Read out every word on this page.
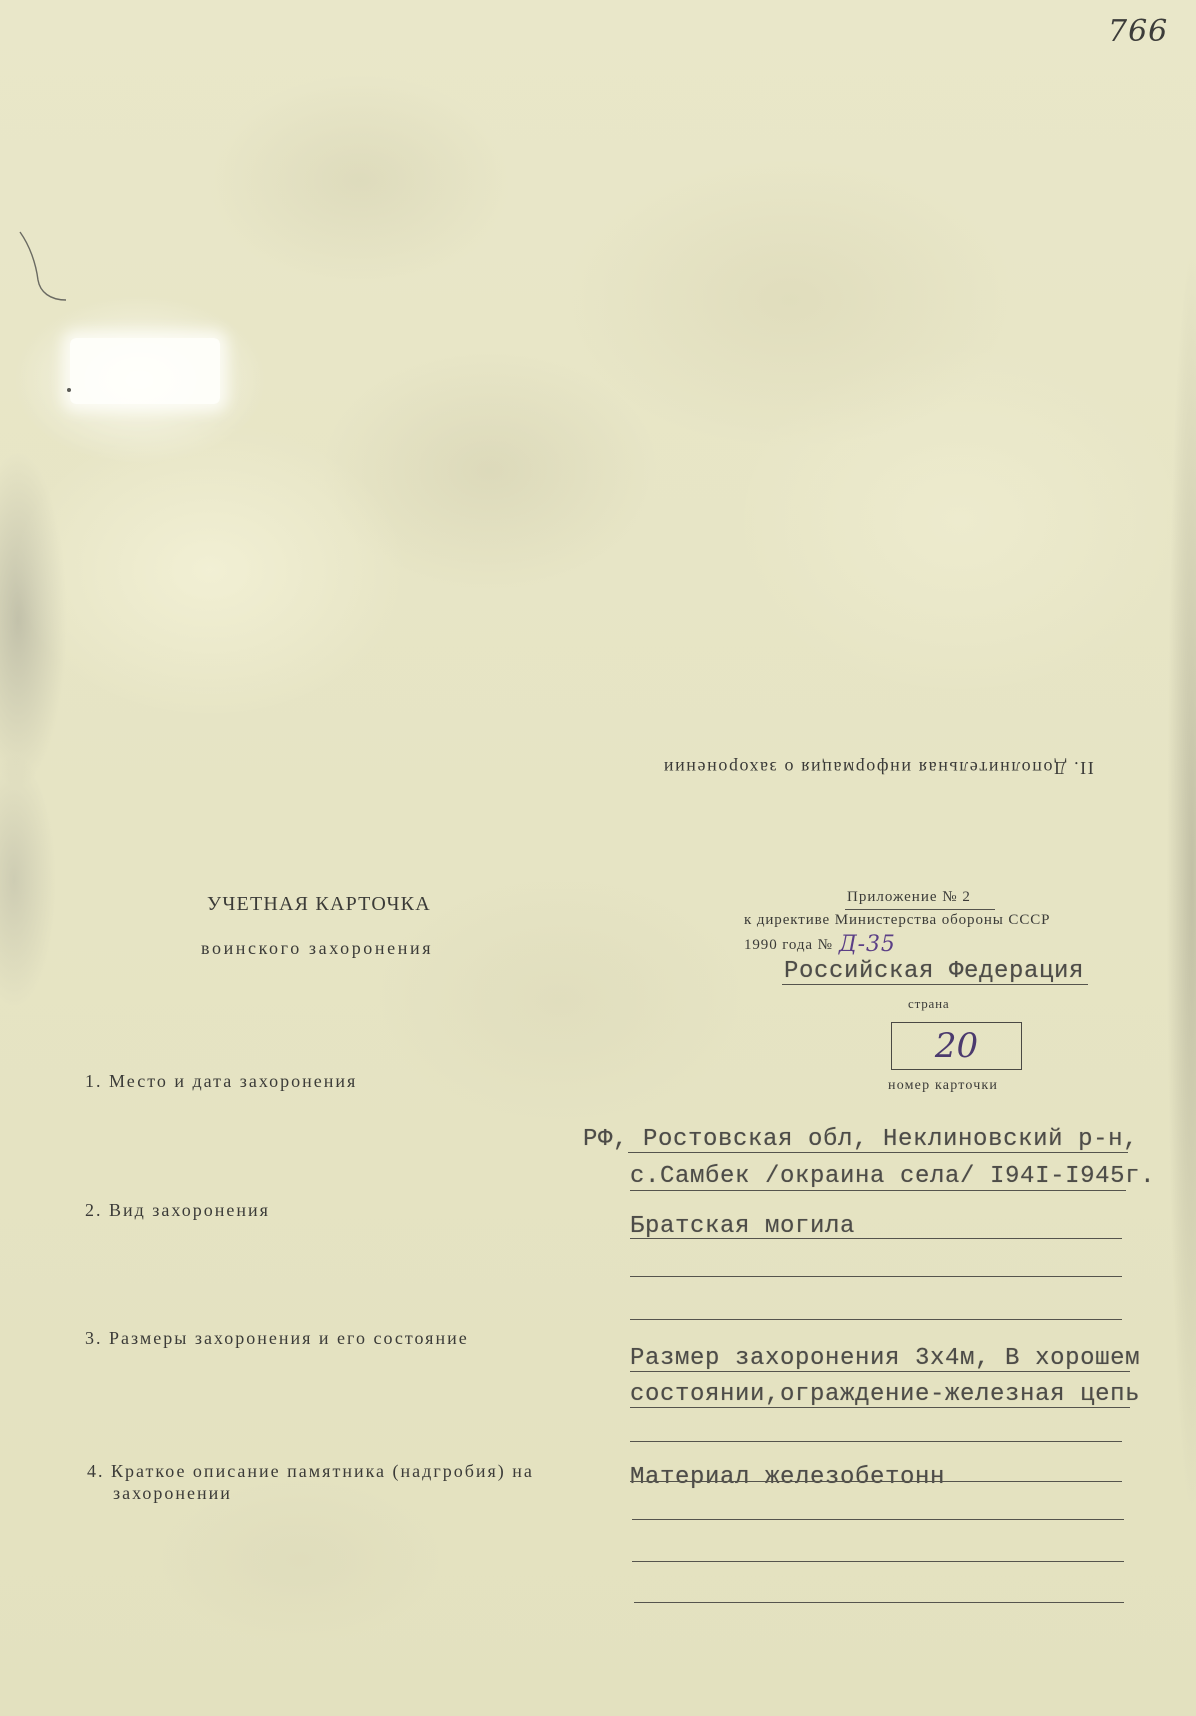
766
II. Дополнительная информация о захоронении
УЧЕТНАЯ КАРТОЧКА
воинского захоронения
Приложение № 2
к директиве Министерства обороны СССР
1990 года № Д-35
Российская Федерация
страна
20
номер карточки
1. Место и дата захоронения
РФ, Ростовская обл, Неклиновский р-н,
с.Самбек /окраина села/ I94I-I945г.
2. Вид захоронения
Братская могила
3. Размеры захоронения и его состояние
Размер захоронения 3х4м, В хорошем
состоянии,ограждение-железная цепь
4. Краткое описание памятника (надгробия) на захоронении
Материал железобетонн
